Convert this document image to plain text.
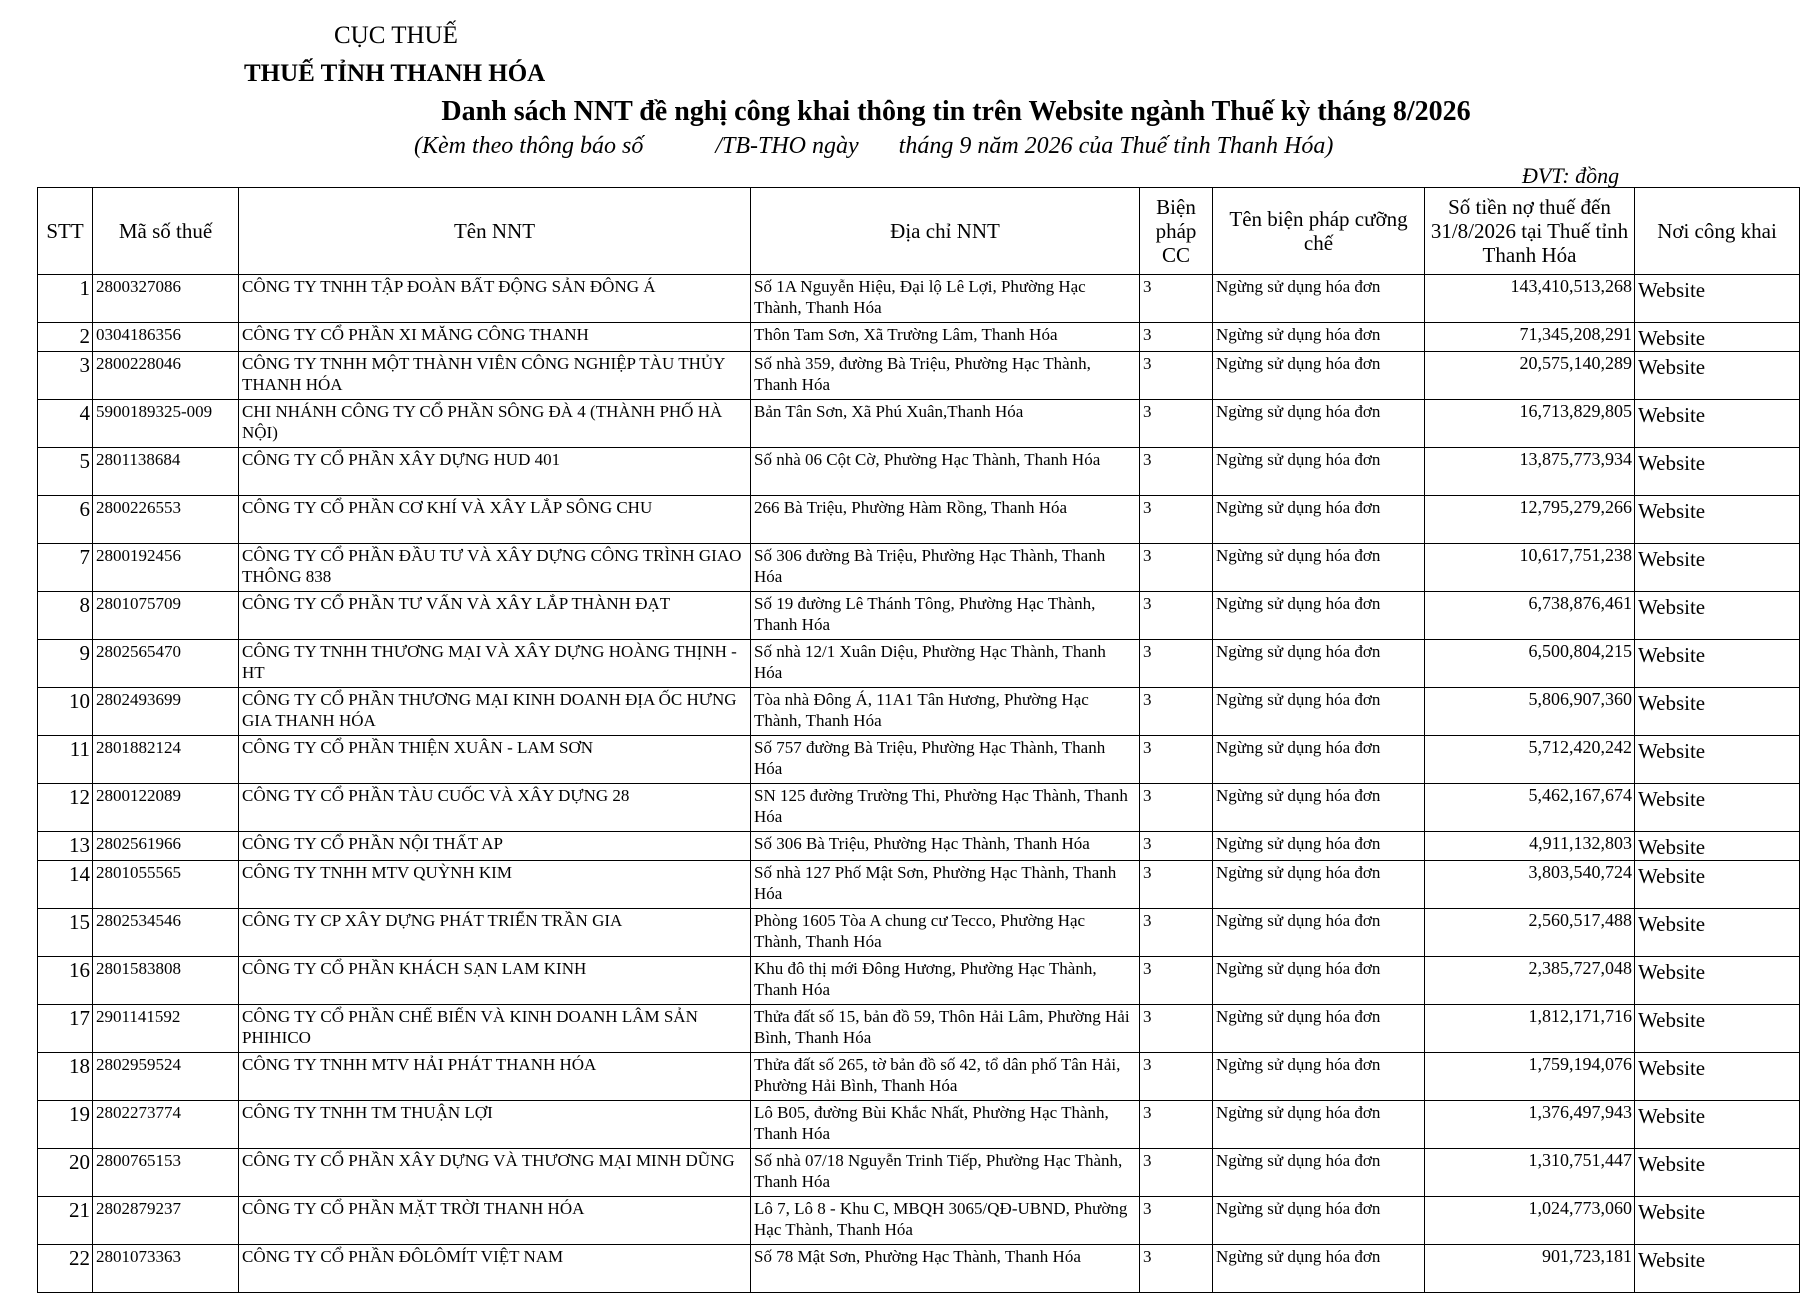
CỤC THUẾ
THUẾ TỈNH THANH HÓA
Danh sách NNT đề nghị công khai thông tin trên Website ngành Thuế kỳ tháng 8/2026
(Kèm theo thông báo số	/TB-THO ngày tháng 9 năm 2026 của Thuế tỉnh Thanh Hóa)
ĐVT: đồng
STT	Mã số thuế	Tên NNT	Địa chỉ NNT	Biện pháp CC	Tên biện pháp cưỡng chế	Số tiền nợ thuế đến 31/8/2026 tại Thuế tỉnh Thanh Hóa	Nơi công khai
1	2800327086	CÔNG TY TNHH TẬP ĐOÀN BẤT ĐỘNG SẢN ĐÔNG Á	Số 1A Nguyễn Hiệu, Đại lộ Lê Lợi, Phường Hạc Thành, Thanh Hóa	3	Ngừng sử dụng hóa đơn	143,410,513,268	Website
2	0304186356	CÔNG TY CỔ PHẦN XI MĂNG CÔNG THANH	Thôn Tam Sơn, Xã Trường Lâm, Thanh Hóa	3	Ngừng sử dụng hóa đơn	71,345,208,291	Website
3	2800228046	CÔNG TY TNHH MỘT THÀNH VIÊN CÔNG NGHIỆP TÀU THỦY THANH HÓA	Số nhà 359, đường Bà Triệu, Phường Hạc Thành, Thanh Hóa	3	Ngừng sử dụng hóa đơn	20,575,140,289	Website
4	5900189325-009	CHI NHÁNH CÔNG TY CỔ PHẦN SÔNG ĐÀ 4 (THÀNH PHỐ HÀ NỘI)	Bản Tân Sơn, Xã Phú Xuân,Thanh Hóa	3	Ngừng sử dụng hóa đơn	16,713,829,805	Website
5	2801138684	CÔNG TY CỔ PHẦN XÂY DỰNG HUD 401	Số nhà 06 Cột Cờ, Phường Hạc Thành, Thanh Hóa	3	Ngừng sử dụng hóa đơn	13,875,773,934	Website
6	2800226553	CÔNG TY CỔ PHẦN CƠ KHÍ VÀ XÂY LẮP SÔNG CHU	266 Bà Triệu, Phường Hàm Rồng, Thanh Hóa	3	Ngừng sử dụng hóa đơn	12,795,279,266	Website
7	2800192456	CÔNG TY CỔ PHẦN ĐẦU TƯ VÀ XÂY DỰNG CÔNG TRÌNH GIAO THÔNG 838	Số 306 đường Bà Triệu, Phường Hạc Thành, Thanh Hóa	3	Ngừng sử dụng hóa đơn	10,617,751,238	Website
8	2801075709	CÔNG TY CỔ PHẦN TƯ VẤN VÀ XÂY LẮP THÀNH ĐẠT	Số 19 đường Lê Thánh Tông, Phường Hạc Thành, Thanh Hóa	3	Ngừng sử dụng hóa đơn	6,738,876,461	Website
9	2802565470	CÔNG TY TNHH THƯƠNG MẠI VÀ XÂY DỰNG HOÀNG THỊNH - HT	Số nhà 12/1 Xuân Diệu, Phường Hạc Thành, Thanh Hóa	3	Ngừng sử dụng hóa đơn	6,500,804,215	Website
10	2802493699	CÔNG TY CỔ PHẦN THƯƠNG MẠI KINH DOANH ĐỊA ỐC HƯNG GIA THANH HÓA	Tòa nhà Đông Á, 11A1 Tân Hương, Phường Hạc Thành, Thanh Hóa	3	Ngừng sử dụng hóa đơn	5,806,907,360	Website
11	2801882124	CÔNG TY CỔ PHẦN THIỆN XUÂN - LAM SƠN	Số 757 đường Bà Triệu, Phường Hạc Thành, Thanh Hóa	3	Ngừng sử dụng hóa đơn	5,712,420,242	Website
12	2800122089	CÔNG TY CỔ PHẦN TÀU CUỐC VÀ XÂY DỰNG 28	SN 125 đường Trường Thi, Phường Hạc Thành, Thanh Hóa	3	Ngừng sử dụng hóa đơn	5,462,167,674	Website
13	2802561966	CÔNG TY CỔ PHẦN NỘI THẤT AP	Số 306 Bà Triệu, Phường Hạc Thành, Thanh Hóa	3	Ngừng sử dụng hóa đơn	4,911,132,803	Website
14	2801055565	CÔNG TY TNHH MTV QUỲNH KIM	Số nhà 127 Phố Mật Sơn, Phường Hạc Thành, Thanh Hóa	3	Ngừng sử dụng hóa đơn	3,803,540,724	Website
15	2802534546	CÔNG TY CP XÂY DỰNG PHÁT TRIỂN TRẦN GIA	Phòng 1605 Tòa A chung cư Tecco, Phường Hạc Thành, Thanh Hóa	3	Ngừng sử dụng hóa đơn	2,560,517,488	Website
16	2801583808	CÔNG TY CỔ PHẦN KHÁCH SẠN LAM KINH	Khu đô thị mới Đông Hương, Phường Hạc Thành, Thanh Hóa	3	Ngừng sử dụng hóa đơn	2,385,727,048	Website
17	2901141592	CÔNG TY CỔ PHẦN CHẾ BIẾN VÀ KINH DOANH LÂM SẢN PHIHICO	Thửa đất số 15, bản đồ 59, Thôn Hải Lâm, Phường Hải Bình, Thanh Hóa	3	Ngừng sử dụng hóa đơn	1,812,171,716	Website
18	2802959524	CÔNG TY TNHH MTV HẢI PHÁT THANH HÓA	Thửa đất số 265, tờ bản đồ số 42, tổ dân phố Tân Hải, Phường Hải Bình, Thanh Hóa	3	Ngừng sử dụng hóa đơn	1,759,194,076	Website
19	2802273774	CÔNG TY TNHH TM THUẬN LỢI	Lô B05, đường Bùi Khắc Nhất, Phường Hạc Thành, Thanh Hóa	3	Ngừng sử dụng hóa đơn	1,376,497,943	Website
20	2800765153	CÔNG TY CỔ PHẦN XÂY DỰNG VÀ THƯƠNG MẠI MINH DŨNG	Số nhà 07/18 Nguyễn Trinh Tiếp, Phường Hạc Thành, Thanh Hóa	3	Ngừng sử dụng hóa đơn	1,310,751,447	Website
21	2802879237	CÔNG TY CỔ PHẦN MẶT TRỜI THANH HÓA	Lô 7, Lô 8 - Khu C, MBQH 3065/QĐ-UBND, Phường Hạc Thành, Thanh Hóa	3	Ngừng sử dụng hóa đơn	1,024,773,060	Website
22	2801073363	CÔNG TY CỔ PHẦN ĐÔLÔMÍT VIỆT NAM	Số 78 Mật Sơn, Phường Hạc Thành, Thanh Hóa	3	Ngừng sử dụng hóa đơn	901,723,181	Website
